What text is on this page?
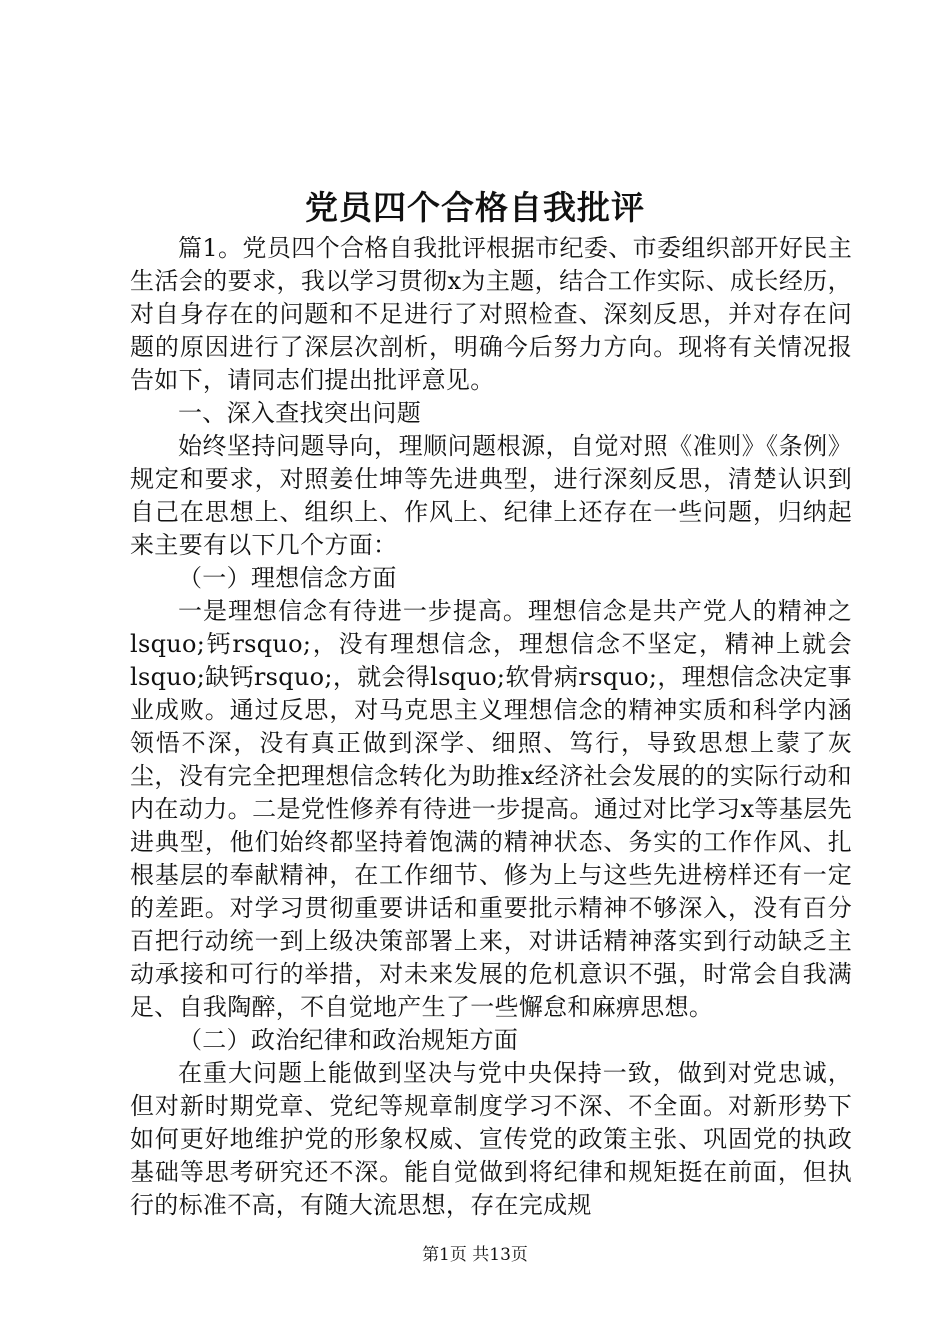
党员四个合格自我批评

篇1。党员四个合格自我批评根据市纪委、市委组织部开好民主生活会的要求，我以学习贯彻x为主题，结合工作实际、成长经历，对自身存在的问题和不足进行了对照检查、深刻反思，并对存在问题的原因进行了深层次剖析，明确今后努力方向。现将有关情况报告如下，请同志们提出批评意见。

一、深入查找突出问题

始终坚持问题导向，理顺问题根源，自觉对照《准则》《条例》规定和要求，对照姜仕坤等先进典型，进行深刻反思，清楚认识到自己在思想上、组织上、作风上、纪律上还存在一些问题，归纳起来主要有以下几个方面：

（一）理想信念方面

一是理想信念有待进一步提高。理想信念是共产党人的精神之lsquo;钙rsquo;，没有理想信念，理想信念不坚定，精神上就会lsquo;缺钙rsquo;，就会得lsquo;软骨病rsquo;，理想信念决定事业成败。通过反思，对马克思主义理想信念的精神实质和科学内涵领悟不深，没有真正做到深学、细照、笃行，导致思想上蒙了灰尘，没有完全把理想信念转化为助推x经济社会发展的的实际行动和内在动力。二是党性修养有待进一步提高。通过对比学习x等基层先进典型，他们始终都坚持着饱满的精神状态、务实的工作作风、扎根基层的奉献精神，在工作细节、修为上与这些先进榜样还有一定的差距。对学习贯彻重要讲话和重要批示精神不够深入，没有百分百把行动统一到上级决策部署上来，对讲话精神落实到行动缺乏主动承接和可行的举措，对未来发展的危机意识不强，时常会自我满足、自我陶醉，不自觉地产生了一些懈怠和麻痹思想。

（二）政治纪律和政治规矩方面

在重大问题上能做到坚决与党中央保持一致，做到对党忠诚，但对新时期党章、党纪等规章制度学习不深、不全面。对新形势下如何更好地维护党的形象权威、宣传党的政策主张、巩固党的执政基础等思考研究还不深。能自觉做到将纪律和规矩挺在前面，但执行的标准不高，有随大流思想，存在完成规

第1页 共13页
